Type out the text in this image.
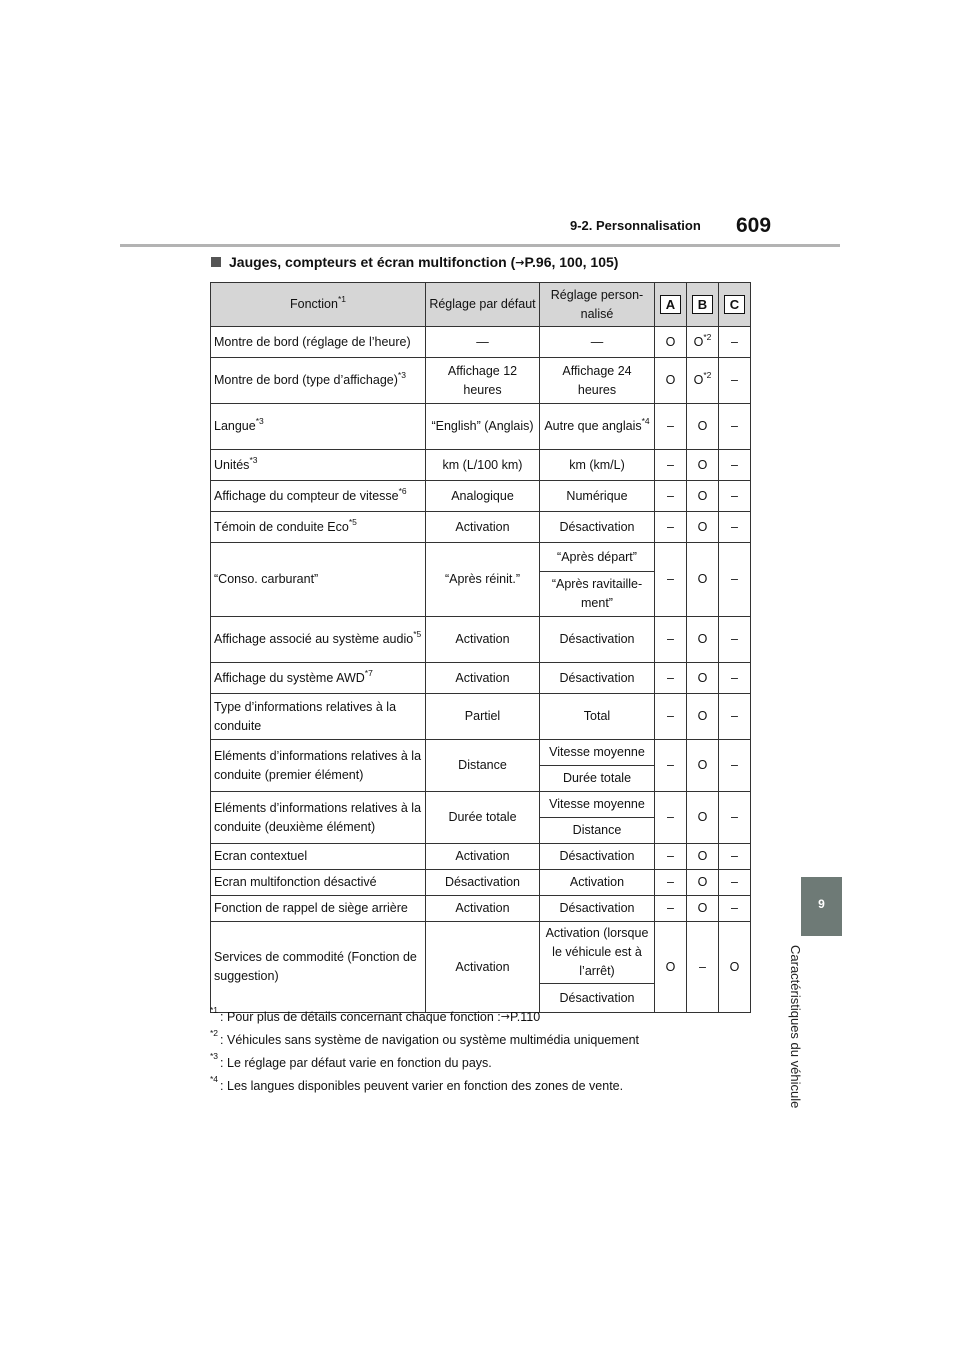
9-2. Personnalisation 609
9
Caractéristiques du véhicule
Jauges, compteurs et écran multifonction ( → P.96, 100, 105)
Fonction$^{*1}$	Réglage par défaut	Réglage person-nalisé	A	B	C
Montre de bord (réglage de l’heure)	—	—	O	$O^{*2}$	–
Montre de bord (type d’affichage)$^{*3}$	Affichage 12 heures	Affichage 24 heures	O	$O^{*2}$	–
Langue$^{*3}$	“English” (Anglais)	Autre que anglais$^{*4}$	–	O	–
Unités$^{*3}$	km (L/100 km)	km (km/L)	–	O	–
Affichage du compteur de vitesse$^{*6}$	Analogique	Numérique	–	O	–
Témoin de conduite Eco$^{*5}$	Activation	Désactivation	–	O	–
“Conso. carburant”	“Après réinit.”	“Après départ”	–	O	–
		“Après ravitaille-ment”			
Affichage associé au système audio$^{*5}$	Activation	Désactivation	–	O	–
Affichage du système AWD$^{*7}$	Activation	Désactivation	–	O	–
Type d’informations relatives à la conduite	Partiel	Total	–	O	–
Eléments d’informations relatives à la conduite (premier élément)	Distance	Vitesse moyenne	–	O	–
		Durée totale			
Eléments d’informations relatives à la conduite (deuxième élément)	Durée totale	Vitesse moyenne	–	O	–
		Distance			
Ecran contextuel	Activation	Désactivation	–	O	–
Ecran multifonction désactivé	Désactivation	Activation	–	O	–
Fonction de rappel de siège arrière	Activation	Désactivation	–	O	–
Services de commodité (Fonction de suggestion)	Activation	Activation (lorsque le véhicule est à l’arrêt)	O	–	O
		Désactivation			
*1 : Pour plus de détails concernant chaque fonction : → P.110
*2 : Véhicules sans système de navigation ou système multimédia uniquement
*3 : Le réglage par défaut varie en fonction du pays.
*4 : Les langues disponibles peuvent varier en fonction des zones de vente.
